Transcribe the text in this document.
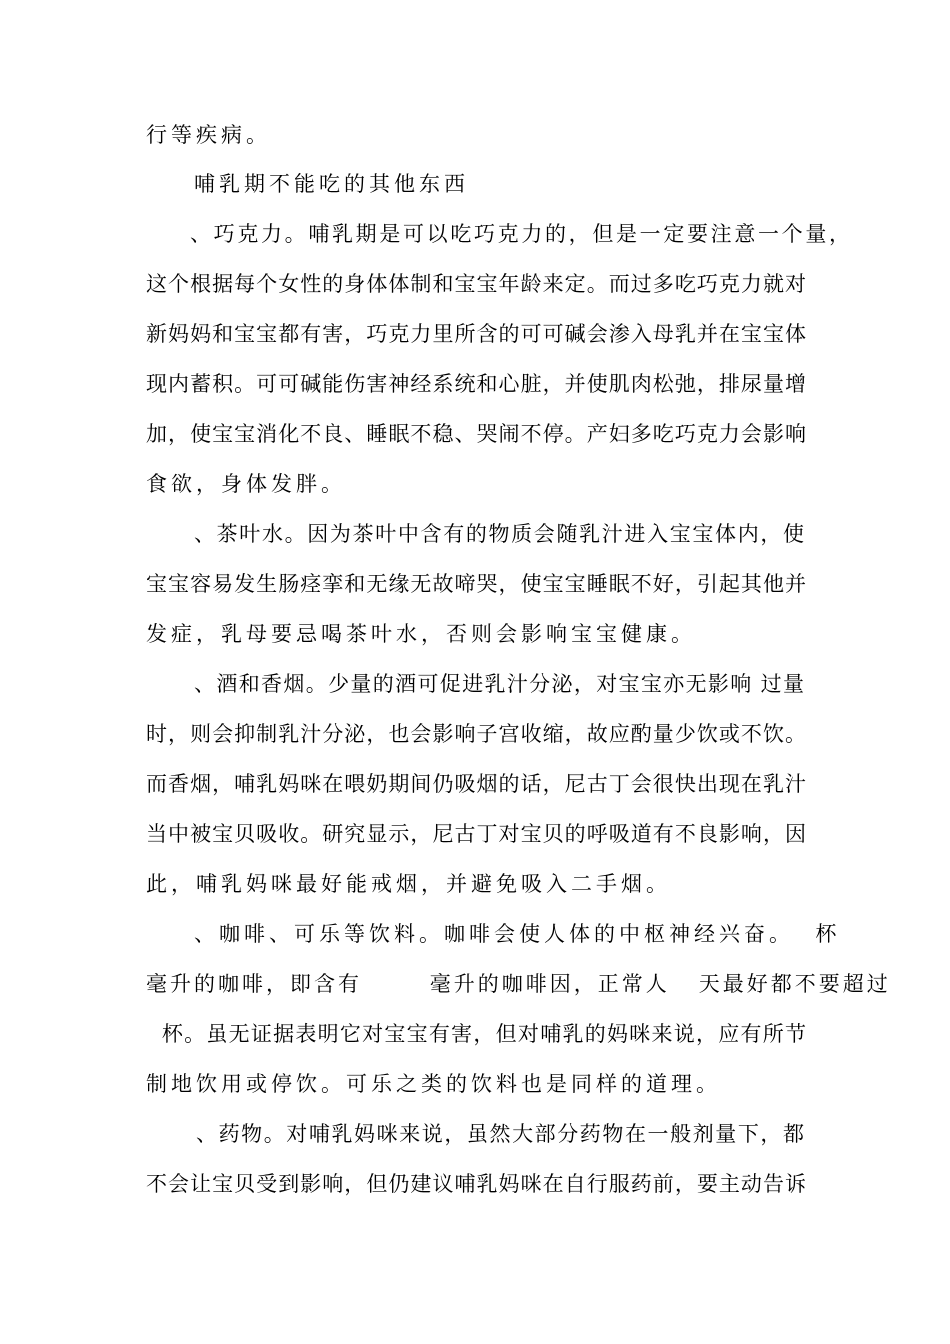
行等疾病。
哺乳期不能吃的其他东西
、巧克力。哺乳期是可以吃巧克力的，但是一定要注意一个量，
这个根据每个女性的身体体制和宝宝年龄来定。而过多吃巧克力就对
新妈妈和宝宝都有害，巧克力里所含的可可碱会渗入母乳并在宝宝体
现内蓄积。可可碱能伤害神经系统和心脏，并使肌肉松弛，排尿量增
加，使宝宝消化不良、睡眠不稳、哭闹不停。产妇多吃巧克力会影响
食欲，身体发胖。
、茶叶水。因为茶叶中含有的物质会随乳汁进入宝宝体内，使
宝宝容易发生肠痉挛和无缘无故啼哭，使宝宝睡眠不好，引起其他并
发症，乳母要忌喝茶叶水，否则会影响宝宝健康。
、酒和香烟。少量的酒可促进乳汁分泌，对宝宝亦无影响 过量
时，则会抑制乳汁分泌，也会影响子宫收缩，故应酌量少饮或不饮。
而香烟，哺乳妈咪在喂奶期间仍吸烟的话，尼古丁会很快出现在乳汁
当中被宝贝吸收。研究显示，尼古丁对宝贝的呼吸道有不良影响，因
此，哺乳妈咪最好能戒烟，并避免吸入二手烟。
、咖啡、可乐等饮料。咖啡会使人体的中枢神经兴奋。  杯
毫升的咖啡，即含有       毫升的咖啡因，正常人   天最好都不要超过
杯。虽无证据表明它对宝宝有害，但对哺乳的妈咪来说，应有所节
制地饮用或停饮。可乐之类的饮料也是同样的道理。
、药物。对哺乳妈咪来说，虽然大部分药物在一般剂量下，都
不会让宝贝受到影响，但仍建议哺乳妈咪在自行服药前，要主动告诉
